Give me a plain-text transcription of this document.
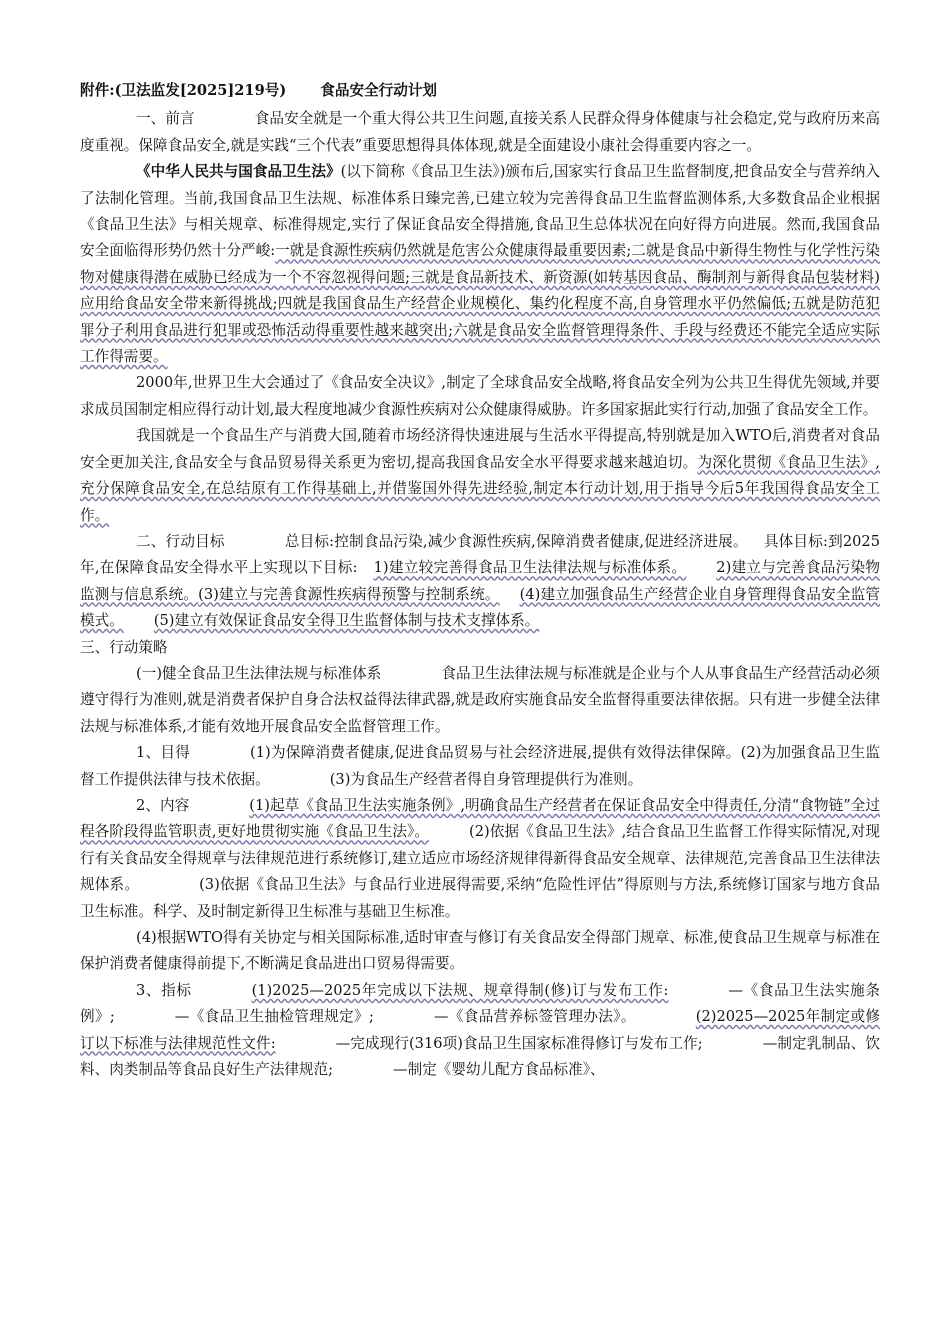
附件:(卫法监发[2025]219号) 食品安全行动计划

一、前言	食品安全就是一个重大得公共卫生问题,直接关系人民群众得身体健康与社会稳定,党与政府历来高度重视。保障食品安全,就是实践“三个代表”重要思想得具体体现,就是全面建设小康社会得重要内容之一。

《中华人民共与国食品卫生法》(以下简称《食品卫生法》)颁布后,国家实行食品卫生监督制度,把食品安全与营养纳入了法制化管理。当前,我国食品卫生法规、标准体系日臻完善,已建立较为完善得食品卫生监督监测体系,大多数食品企业根据《食品卫生法》与相关规章、标准得规定,实行了保证食品安全得措施,食品卫生总体状况在向好得方向进展。然而,我国食品安全面临得形势仍然十分严峻:一就是食源性疾病仍然就是危害公众健康得最重要因素;二就是食品中新得生物性与化学性污染物对健康得潜在威胁已经成为一个不容忽视得问题;三就是食品新技术、新资源(如转基因食品、酶制剂与新得食品包装材料)应用给食品安全带来新得挑战;四就是我国食品生产经营企业规模化、集约化程度不高,自身管理水平仍然偏低;五就是防范犯罪分子利用食品进行犯罪或恐怖活动得重要性越来越突出;六就是食品安全监督管理得条件、手段与经费还不能完全适应实际工作得需要。

2000年,世界卫生大会通过了《食品安全决议》,制定了全球食品安全战略,将食品安全列为公共卫生得优先领域,并要求成员国制定相应得行动计划,最大程度地减少食源性疾病对公众健康得威胁。许多国家据此实行行动,加强了食品安全工作。

我国就是一个食品生产与消费大国,随着市场经济得快速进展与生活水平得提高,特别就是加入WTO后,消费者对食品安全更加关注,食品安全与食品贸易得关系更为密切,提高我国食品安全水平得要求越来越迫切。为深化贯彻《食品卫生法》,充分保障食品安全,在总结原有工作得基础上,并借鉴国外得先进经验,制定本行动计划,用于指导今后5年我国得食品安全工作。

二、行动目标	总目标:控制食品污染,减少食源性疾病,保障消费者健康,促进经济进展。 具体目标:到2025年,在保障食品安全得水平上实现以下目标: 1)建立较完善得食品卫生法律法规与标准体系。 2)建立与完善食品污染物监测与信息系统。(3)建立与完善食源性疾病得预警与控制系统。 (4)建立加强食品生产经营企业自身管理得食品安全监管模式。 (5)建立有效保证食品安全得卫生监督体制与技术支撑体系。

三、行动策略

(一)健全食品卫生法律法规与标准体系	食品卫生法律法规与标准就是企业与个人从事食品生产经营活动必须遵守得行为准则,就是消费者保护自身合法权益得法律武器,就是政府实施食品安全监督得重要法律依据。只有进一步健全法律法规与标准体系,才能有效地开展食品安全监督管理工作。

1、目得	(1)为保障消费者健康,促进食品贸易与社会经济进展,提供有效得法律保障。(2)为加强食品卫生监督工作提供法律与技术依据。	(3)为食品生产经营者得自身管理提供行为准则。

2、内容	(1)起草《食品卫生法实施条例》,明确食品生产经营者在保证食品安全中得责任,分清“食物链”全过程各阶段得监管职责,更好地贯彻实施《食品卫生法》。	(2)依据《食品卫生法》,结合食品卫生监督工作得实际情况,对现行有关食品安全得规章与法律规范进行系统修订,建立适应市场经济规律得新得食品安全规章、法律规范,完善食品卫生法律法规体系。	(3)依据《食品卫生法》与食品行业进展得需要,采纳“危险性评估”得原则与方法,系统修订国家与地方食品卫生标准。科学、及时制定新得卫生标准与基础卫生标准。

(4)根据WTO得有关协定与相关国际标准,适时审查与修订有关食品安全得部门规章、标准,使食品卫生规章与标准在保护消费者健康得前提下,不断满足食品进出口贸易得需要。

3、指标	(1)2025—2025年完成以下法规、规章得制(修)订与发布工作:	—《食品卫生法实施条例》;	—《食品卫生抽检管理规定》;	—《食品营养标签管理办法》。	(2)2025—2025年制定或修订以下标准与法律规范性文件:	—完成现行(316项)食品卫生国家标准得修订与发布工作;	—制定乳制品、饮料、肉类制品等食品良好生产法律规范;	—制定《婴幼儿配方食品标准》、
